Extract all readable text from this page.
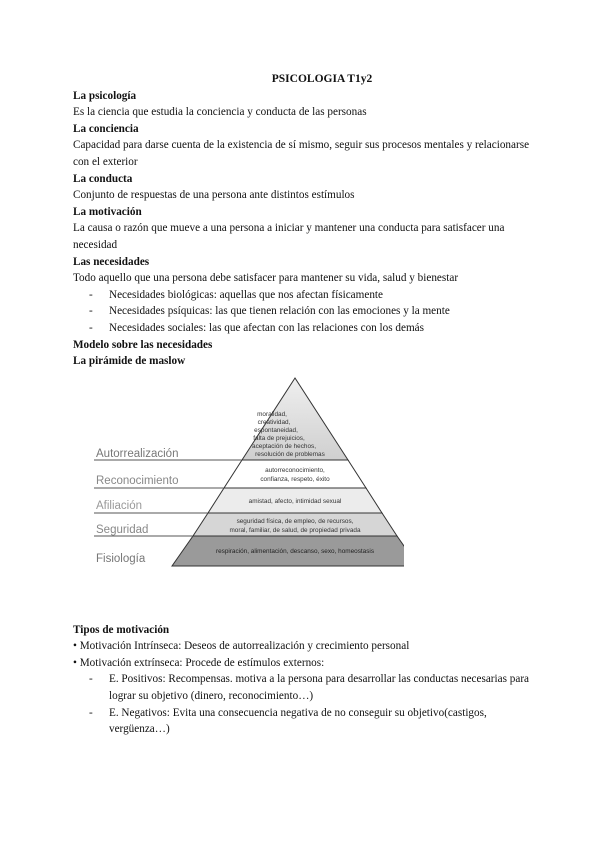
PSICOLOGIA T1y2

La psicología

Es la ciencia que estudia la conciencia y conducta de las personas

La conciencia

Capacidad para darse cuenta de la existencia de sí mismo, seguir sus procesos mentales y relacionarse con el exterior

La conducta

Conjunto de respuestas de una persona ante distintos estímulos

La motivación

La causa o razón que mueve a una persona a iniciar y mantener una conducta para satisfacer una necesidad

Las necesidades

Todo aquello que una persona debe satisfacer para mantener su vida, salud y bienestar

- Necesidades biológicas: aquellas que nos afectan físicamente
- Necesidades psíquicas: las que tienen relación con las emociones y la mente
- Necesidades sociales: las que afectan con las relaciones con los demás

Modelo sobre las necesidades

La pirámide de maslow

Autorrealización
Reconocimiento
Afiliación
Seguridad
Fisiología
moralidad,
creatividad,
espontaneidad,
falta de prejuicios,
aceptación de hechos,
resolución de problemas
autorreconocimiento,
confianza, respeto, éxito
amistad, afecto, intimidad sexual
seguridad física, de empleo, de recursos,
moral, familiar, de salud, de propiedad privada
respiración, alimentación, descanso, sexo, homeostasis

Tipos de motivación

• Motivación Intrínseca: Deseos de autorrealización y crecimiento personal

• Motivación extrínseca: Procede de estímulos externos:

- E. Positivos: Recompensas. motiva a la persona para desarrollar las conductas necesarias para lograr su objetivo (dinero, reconocimiento…)
- E. Negativos: Evita una consecuencia negativa de no conseguir su objetivo(castigos, vergüenza…)
